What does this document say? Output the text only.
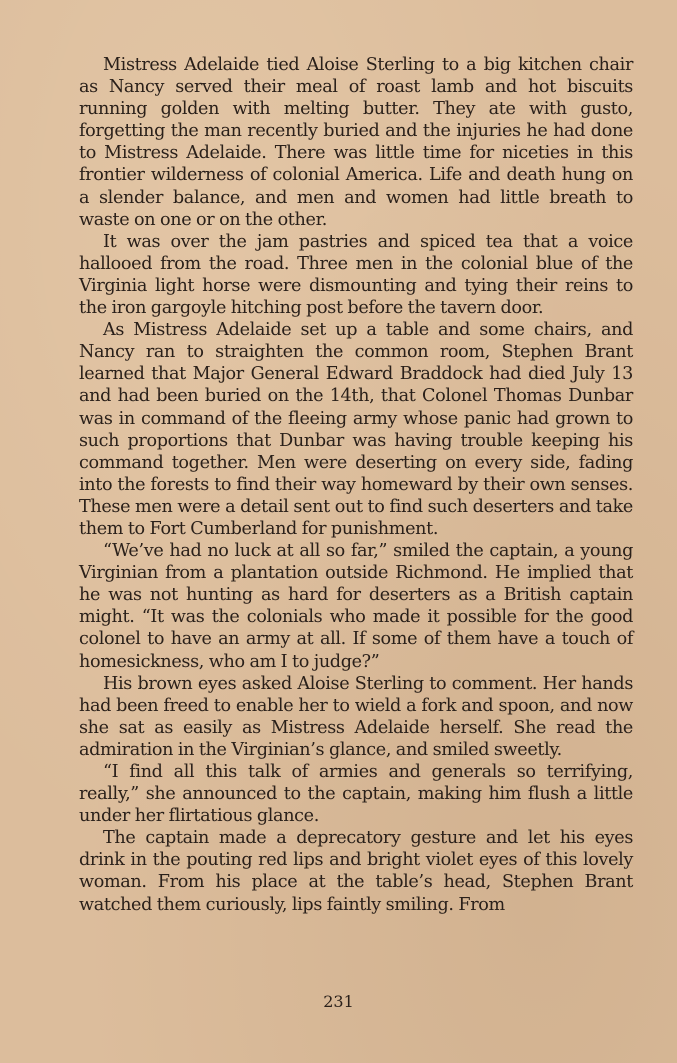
Mistress Adelaide tied Aloise Sterling to a big kitchen chair as Nancy served their meal of roast lamb and hot biscuits running golden with melting butter. They ate with gusto, forgetting the man recently buried and the injuries he had done to Mistress Adelaide. There was little time for niceties in this frontier wilderness of colonial America. Life and death hung on a slender balance, and men and women had little breath to waste on one or on the other.

It was over the jam pastries and spiced tea that a voice hallooed from the road. Three men in the colonial blue of the Virginia light horse were dismounting and tying their reins to the iron gargoyle hitching post before the tavern door.

As Mistress Adelaide set up a table and some chairs, and Nancy ran to straighten the common room, Stephen Brant learned that Major General Edward Braddock had died July 13 and had been buried on the 14th, that Colonel Thomas Dunbar was in command of the fleeing army whose panic had grown to such proportions that Dunbar was having trouble keeping his command together. Men were deserting on every side, fading into the forests to find their way homeward by their own senses. These men were a detail sent out to find such deserters and take them to Fort Cumberland for punishment.

“We’ve had no luck at all so far,” smiled the captain, a young Virginian from a plantation outside Richmond. He implied that he was not hunting as hard for deserters as a British captain might. “It was the colonials who made it possible for the good colonel to have an army at all. If some of them have a touch of homesickness, who am I to judge?”

His brown eyes asked Aloise Sterling to comment. Her hands had been freed to enable her to wield a fork and spoon, and now she sat as easily as Mistress Adelaide herself. She read the admiration in the Virginian’s glance, and smiled sweetly.

“I find all this talk of armies and generals so terrifying, really,” she announced to the captain, making him flush a little under her flirtatious glance.

The captain made a deprecatory gesture and let his eyes drink in the pouting red lips and bright violet eyes of this lovely woman. From his place at the table’s head, Stephen Brant watched them curiously, lips faintly smiling. From

231
